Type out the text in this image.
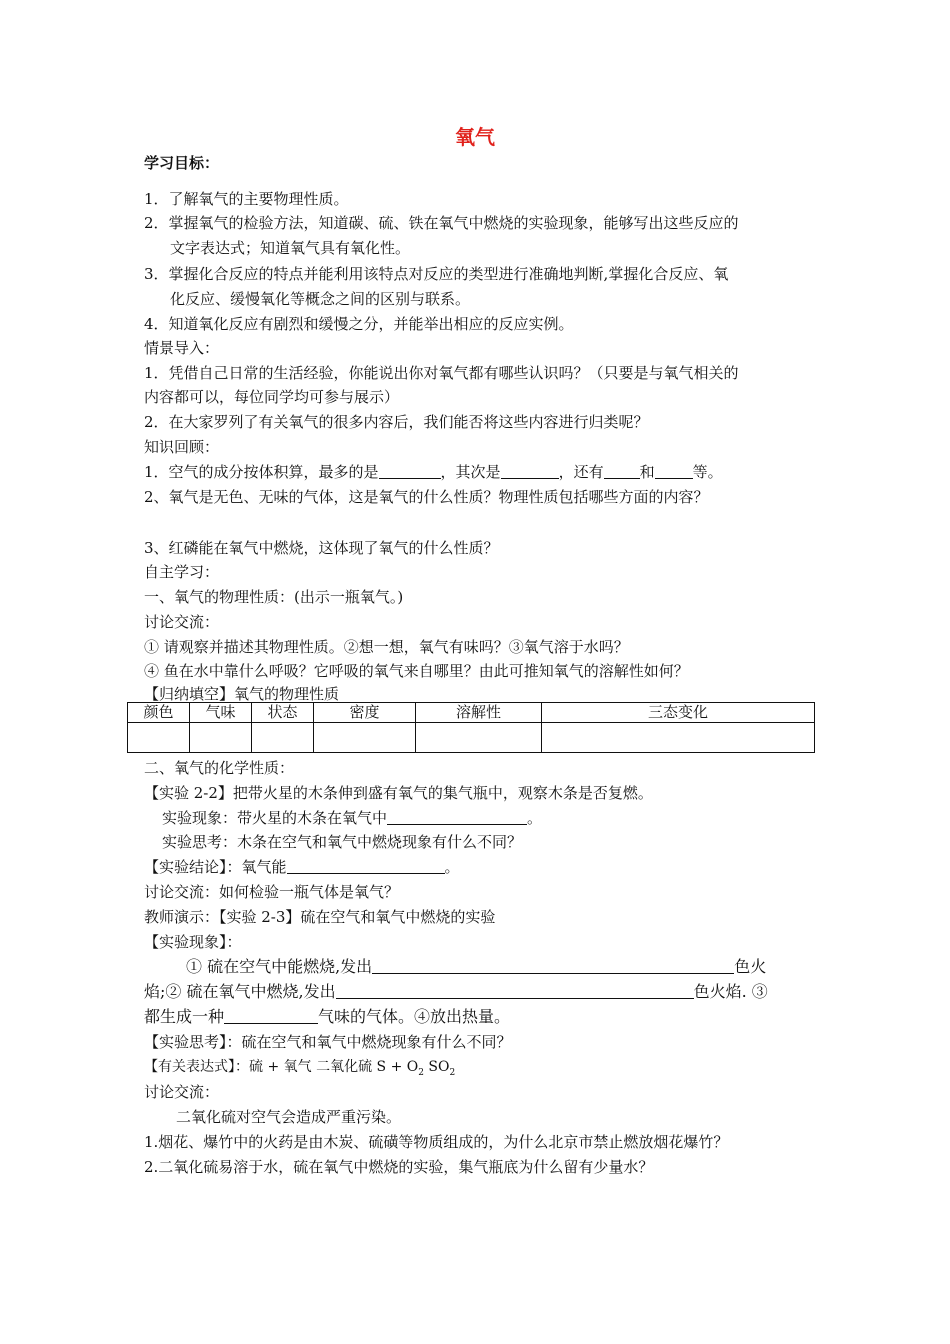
氧气
学习目标：
1．了解氧气的主要物理性质。
2．掌握氧气的检验方法，知道碳、硫、铁在氧气中燃烧的实验现象，能够写出这些反应的
文字表达式；知道氧气具有氧化性。
3．掌握化合反应的特点并能利用该特点对反应的类型进行准确地判断,掌握化合反应、氧
化反应、缓慢氧化等概念之间的区别与联系。
4．知道氧化反应有剧烈和缓慢之分，并能举出相应的反应实例。
情景导入：
1．凭借自己日常的生活经验，你能说出你对氧气都有哪些认识吗？（只要是与氧气相关的
内容都可以，每位同学均可参与展示）
2．在大家罗列了有关氧气的很多内容后，我们能否将这些内容进行归类呢？
知识回顾：
1．空气的成分按体积算，最多的是	，其次是	，还有 和	等。
2、氧气是无色、无味的气体，这是氧气的什么性质？物理性质包括哪些方面的内容？
3、红磷能在氧气中燃烧，这体现了氧气的什么性质？
自主学习：
一、氧气的物理性质：(出示一瓶氧气。)
讨论交流：
① 请观察并描述其物理性质。②想一想，氧气有味吗？③氧气溶于水吗？
④ 鱼在水中靠什么呼吸？它呼吸的氧气来自哪里？由此可推知氧气的溶解性如何？
【归纳填空】氧气的物理性质
颜色	气味	状态	密度	溶解性	三态变化

二、氧气的化学性质：
【实验 2-2】把带火星的木条伸到盛有氧气的集气瓶中，观察木条是否复燃。
实验现象：带火星的木条在氧气中	。
实验思考：木条在空气和氧气中燃烧现象有什么不同？
【实验结论】：氧气能	。
讨论交流：如何检验一瓶气体是氧气？
教师演示：【实验 2-3】硫在空气和氧气中燃烧的实验
【实验现象】：
① 硫在空气中能燃烧,发出	色火
焰;② 硫在氧气中燃烧,发出	色火焰. ③
都生成一种	气味的气体。④放出热量。
【实验思考】：硫在空气和氧气中燃烧现象有什么不同？
【有关表达式】：硫 + 氧气 二氧化硫 $S + O_2$ $SO_2$
讨论交流：
二氧化硫对空气会造成严重污染。
1.烟花、爆竹中的火药是由木炭、硫磺等物质组成的，为什么北京市禁止燃放烟花爆竹？
2.二氧化硫易溶于水，硫在氧气中燃烧的实验，集气瓶底为什么留有少量水？
